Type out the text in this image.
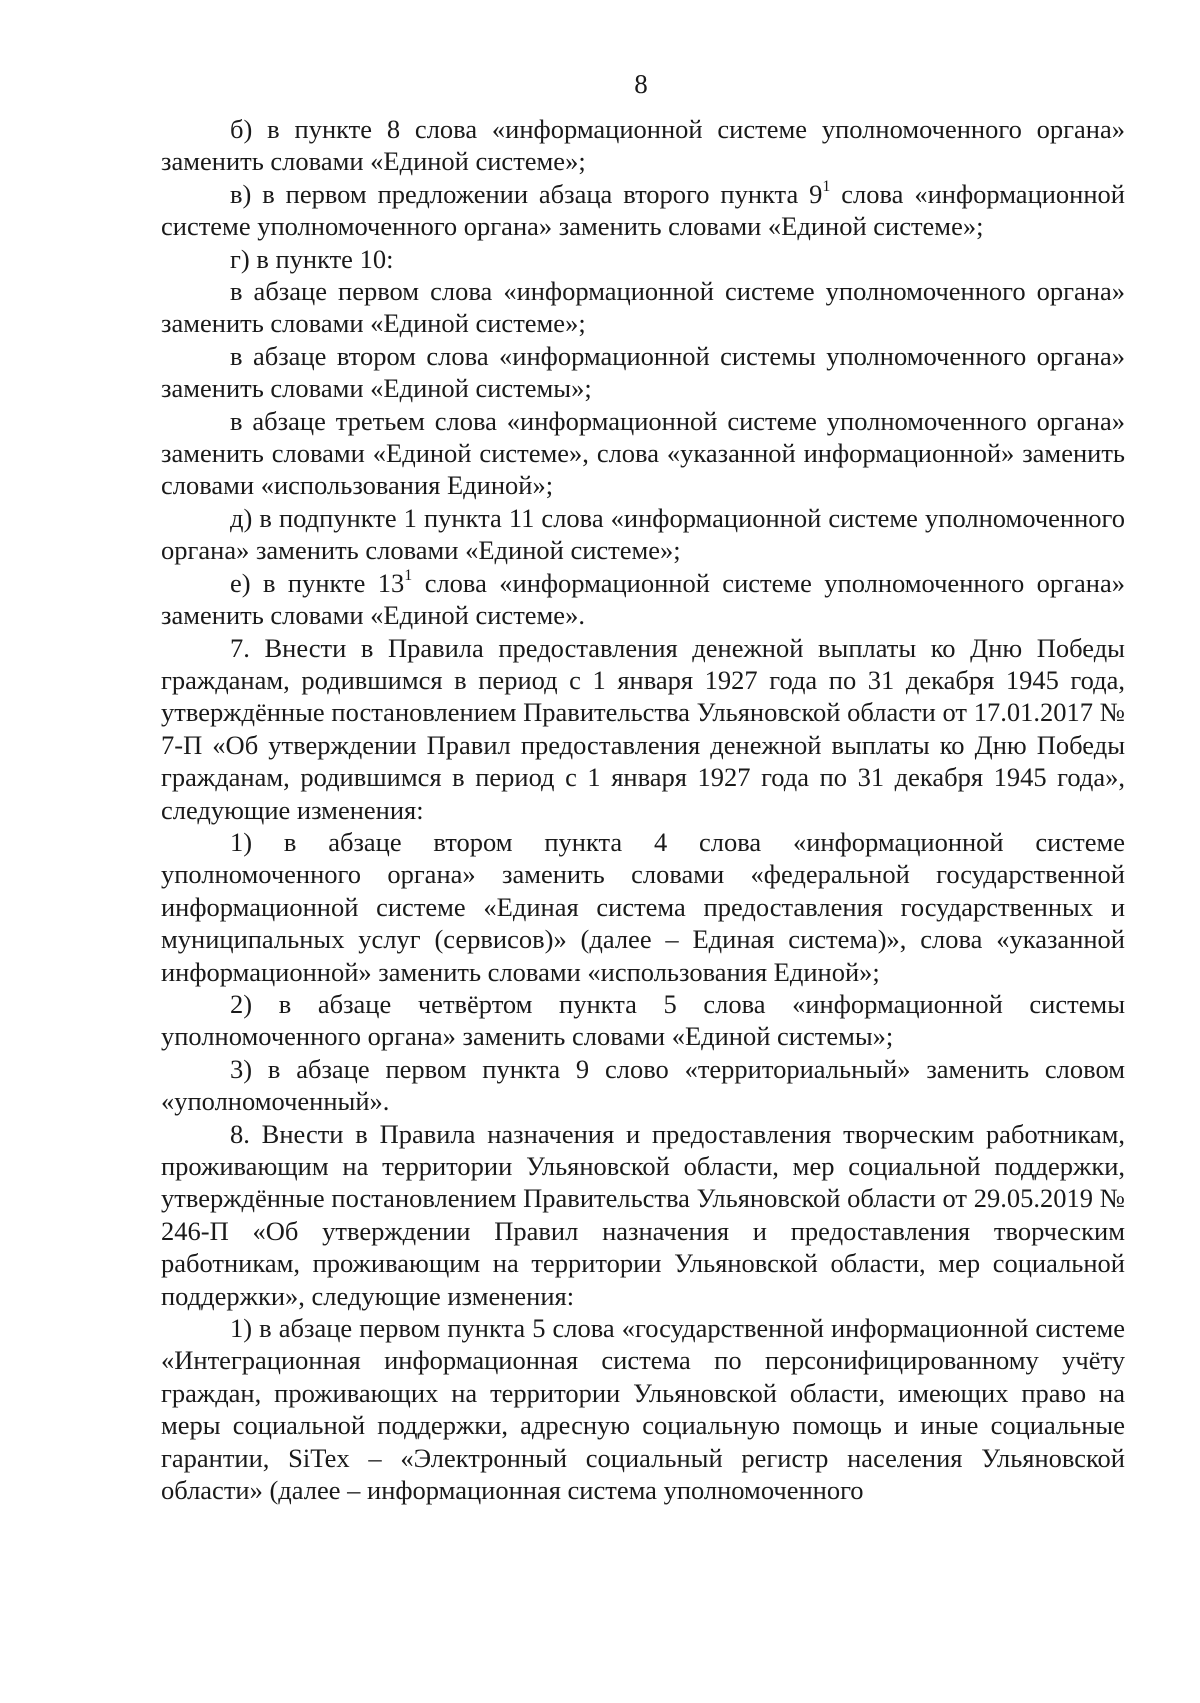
8

б) в пункте 8 слова «информационной системе уполномоченного органа» заменить словами «Единой системе»;

в) в первом предложении абзаца второго пункта $9^1$ слова «информационной системе уполномоченного органа» заменить словами «Единой системе»;

г) в пункте 10:

в абзаце первом слова «информационной системе уполномоченного органа» заменить словами «Единой системе»;

в абзаце втором слова «информационной системы уполномоченного органа» заменить словами «Единой системы»;

в абзаце третьем слова «информационной системе уполномоченного органа» заменить словами «Единой системе», слова «указанной информационной» заменить словами «использования Единой»;

д) в подпункте 1 пункта 11 слова «информационной системе уполномоченного органа» заменить словами «Единой системе»;

е) в пункте $13^1$ слова «информационной системе уполномоченного органа» заменить словами «Единой системе».

7. Внести в Правила предоставления денежной выплаты ко Дню Победы гражданам, родившимся в период с 1 января 1927 года по 31 декабря 1945 года, утверждённые постановлением Правительства Ульяновской области от 17.01.2017 № 7-П «Об утверждении Правил предоставления денежной выплаты ко Дню Победы гражданам, родившимся в период с 1 января 1927 года по 31 декабря 1945 года», следующие изменения:

1) в абзаце втором пункта 4 слова «информационной системе уполномоченного органа» заменить словами «федеральной государственной информационной системе «Единая система предоставления государственных и муниципальных услуг (сервисов)» (далее – Единая система)», слова «указанной информационной» заменить словами «использования Единой»;

2) в абзаце четвёртом пункта 5 слова «информационной системы уполномоченного органа» заменить словами «Единой системы»;

3) в абзаце первом пункта 9 слово «территориальный» заменить словом «уполномоченный».

8. Внести в Правила назначения и предоставления творческим работникам, проживающим на территории Ульяновской области, мер социальной поддержки, утверждённые постановлением Правительства Ульяновской области от 29.05.2019 № 246-П «Об утверждении Правил назначения и предоставления творческим работникам, проживающим на территории Ульяновской области, мер социальной поддержки», следующие изменения:

1) в абзаце первом пункта 5 слова «государственной информационной системе «Интеграционная информационная система по персонифицированному учёту граждан, проживающих на территории Ульяновской области, имеющих право на меры социальной поддержки, адресную социальную помощь и иные социальные гарантии, SiTex – «Электронный социальный регистр населения Ульяновской области» (далее – информационная система уполномоченного
